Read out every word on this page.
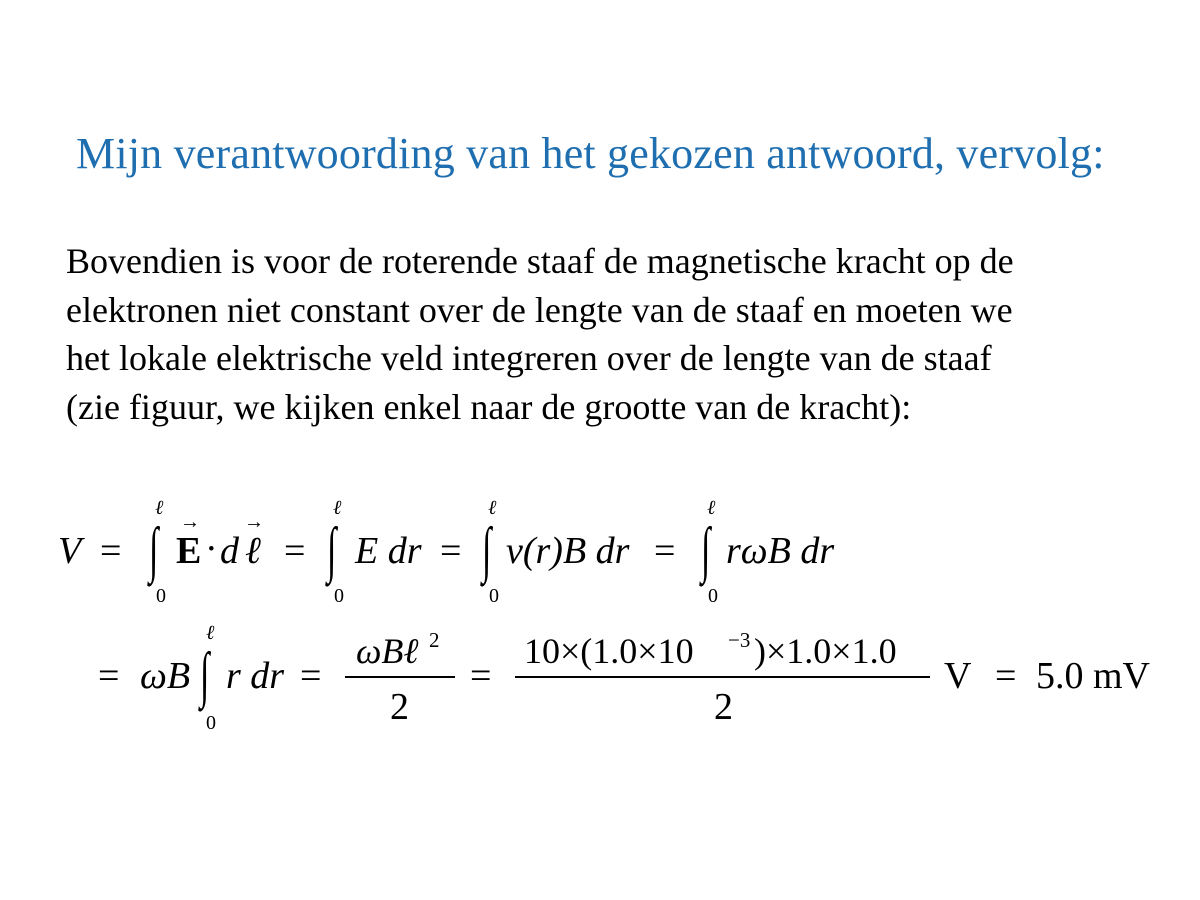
Mijn verantwoording van het gekozen antwoord, vervolg:
Bovendien is voor de roterende staaf de magnetische kracht op de
elektronen niet constant over de lengte van de staaf en moeten we
het lokale elektrische veld integreren over de lengte van de staaf
(zie figuur, we kijken enkel naar de grootte van de kracht):
V =
ℓ
∫
0
→
E · d
→
ℓ =
ℓ
∫
0
E dr =
ℓ
∫
0
v(r)B dr =
ℓ
∫
0
rωB dr
= ωB
ℓ
∫
0
r dr =
ωBℓ 2
2
=
10×(1.0×10 −3 )×1.0×1.0
2
V = 5.0 mV
